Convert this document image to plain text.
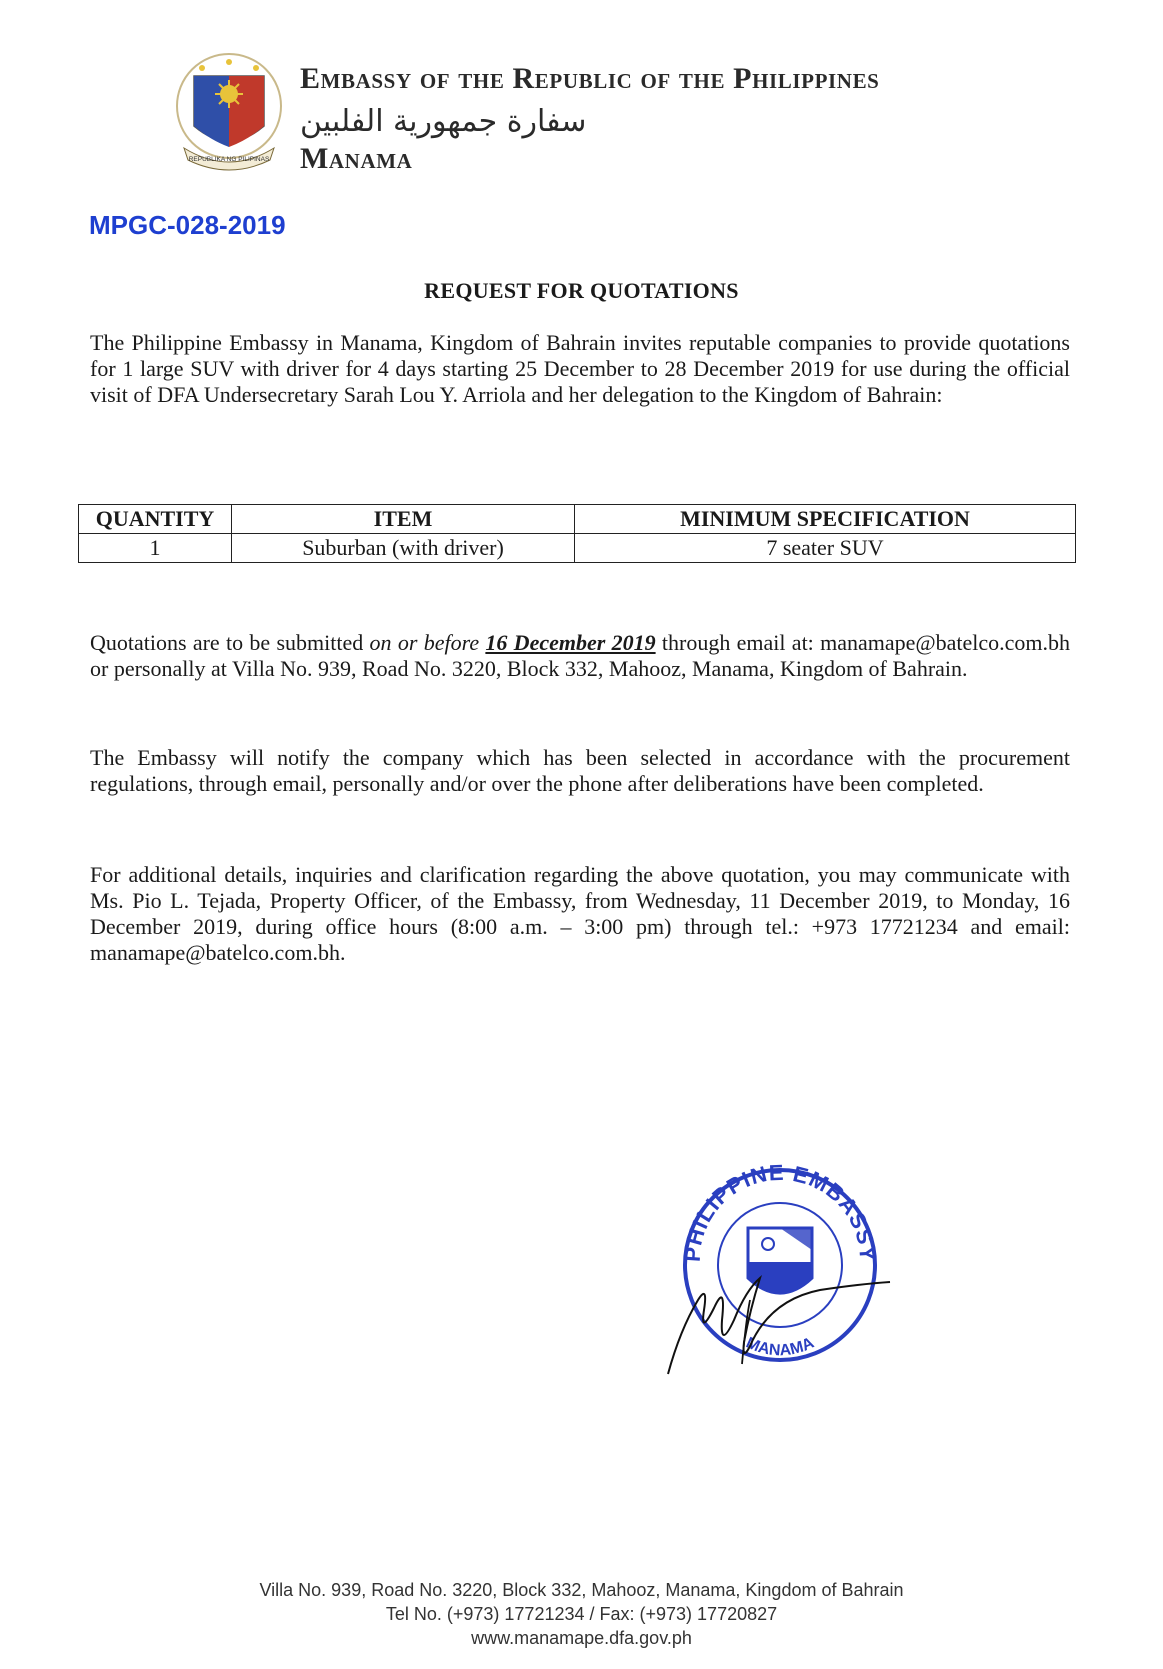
REPUBLIKA NG PILIPINAS
Embassy of the Republic of the Philippines
سفارة جمهورية الفلبين
Manama
MPGC-028-2019
REQUEST FOR QUOTATIONS
The Philippine Embassy in Manama, Kingdom of Bahrain invites reputable companies to provide quotations for 1 large SUV with driver for 4 days starting 25 December to 28 December 2019 for use during the official visit of DFA Undersecretary Sarah Lou Y. Arriola and her delegation to the Kingdom of Bahrain:
QUANTITY	ITEM	MINIMUM SPECIFICATION
1	Suburban (with driver)	7 seater SUV
Quotations are to be submitted on or before 16 December 2019 through email at: manamape@batelco.com.bh or personally at Villa No. 939, Road No. 3220, Block 332, Mahooz, Manama, Kingdom of Bahrain.
The Embassy will notify the company which has been selected in accordance with the procurement regulations, through email, personally and/or over the phone after deliberations have been completed.
For additional details, inquiries and clarification regarding the above quotation, you may communicate with Ms. Pio L. Tejada, Property Officer, of the Embassy, from Wednesday, 11 December 2019, to Monday, 16 December 2019, during office hours (8:00 a.m. – 3:00 pm) through tel.: +973 17721234 and email: manamape@batelco.com.bh.
PHILIPPINE EMBASSY
MANAMA
Villa No. 939, Road No. 3220, Block 332, Mahooz, Manama, Kingdom of Bahrain
Tel No. (+973) 17721234 / Fax: (+973) 17720827
www.manamape.dfa.gov.ph
